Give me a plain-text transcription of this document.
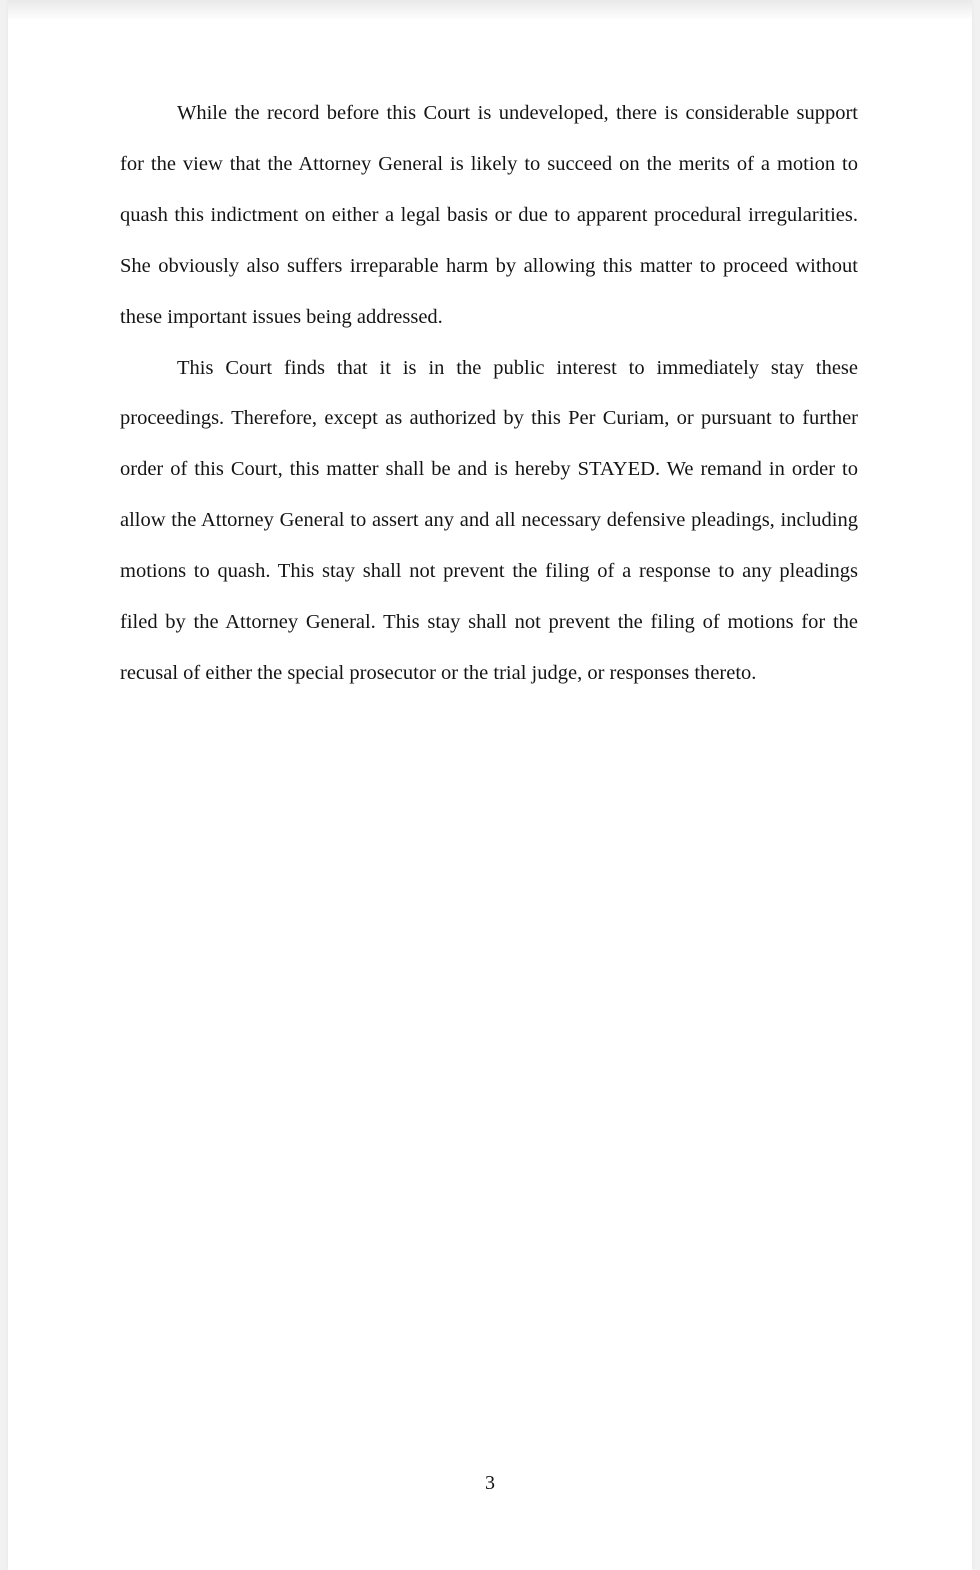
While the record before this Court is undeveloped, there is considerable support for the view that the Attorney General is likely to succeed on the merits of a motion to quash this indictment on either a legal basis or due to apparent procedural irregularities. She obviously also suffers irreparable harm by allowing this matter to proceed without these important issues being addressed.

This Court finds that it is in the public interest to immediately stay these proceedings. Therefore, except as authorized by this Per Curiam, or pursuant to further order of this Court, this matter shall be and is hereby STAYED. We remand in order to allow the Attorney General to assert any and all necessary defensive pleadings, including motions to quash. This stay shall not prevent the filing of a response to any pleadings filed by the Attorney General. This stay shall not prevent the filing of motions for the recusal of either the special prosecutor or the trial judge, or responses thereto.

3
